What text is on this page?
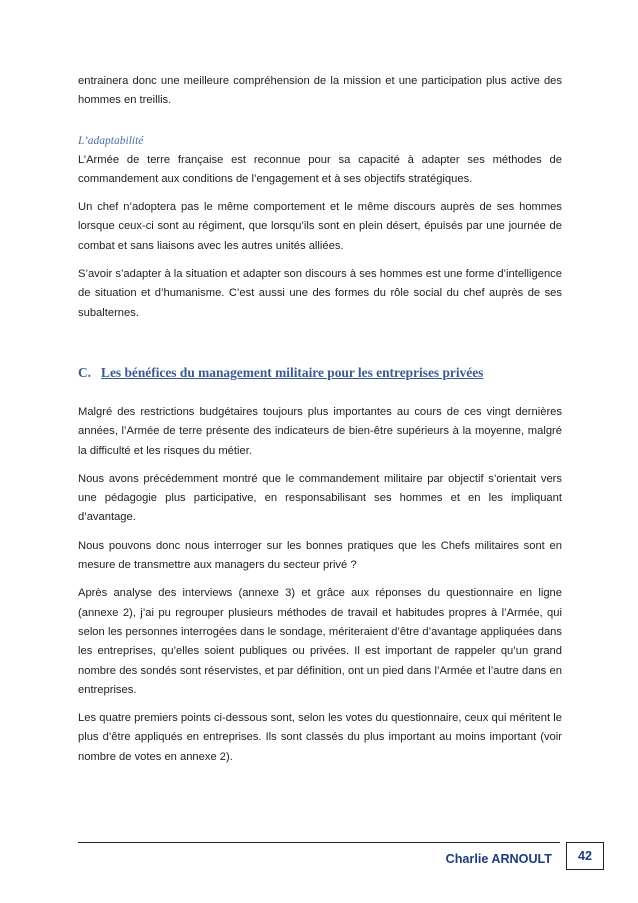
entrainera donc une meilleure compréhension de la mission et une participation plus active des hommes en treillis.

L’adaptabilité

L’Armée de terre française est reconnue pour sa capacité à adapter ses méthodes de commandement aux conditions de l’engagement et à ses objectifs stratégiques.

Un chef n’adoptera pas le même comportement et le même discours auprès de ses hommes lorsque ceux-ci sont au régiment, que lorsqu’ils sont en plein désert, épuisés par une journée de combat et sans liaisons avec les autres unités alliées.

S’avoir s’adapter à la situation et adapter son discours à ses hommes est une forme d’intelligence de situation et d’humanisme. C’est aussi une des formes du rôle social du chef auprès de ses subalternes.

C. Les bénéfices du management militaire pour les entreprises privées

Malgré des restrictions budgétaires toujours plus importantes au cours de ces vingt dernières années, l’Armée de terre présente des indicateurs de bien-être supérieurs à la moyenne, malgré la difficulté et les risques du métier.

Nous avons précédemment montré que le commandement militaire par objectif s’orientait vers une pédagogie plus participative, en responsabilisant ses hommes et en les impliquant d’avantage.

Nous pouvons donc nous interroger sur les bonnes pratiques que les Chefs militaires sont en mesure de transmettre aux managers du secteur privé ?

Après analyse des interviews (annexe 3) et grâce aux réponses du questionnaire en ligne (annexe 2), j’ai pu regrouper plusieurs méthodes de travail et habitudes propres à l’Armée, qui selon les personnes interrogées dans le sondage, mériteraient d’être d’avantage appliquées dans les entreprises, qu’elles soient publiques ou privées. Il est important de rappeler qu’un grand nombre des sondés sont réservistes, et par définition, ont un pied dans l’Armée et l’autre dans en entreprises.

Les quatre premiers points ci-dessous sont, selon les votes du questionnaire, ceux qui méritent le plus d’être appliqués en entreprises. Ils sont classés du plus important au moins important (voir nombre de votes en annexe 2).

Charlie ARNOULT	42
